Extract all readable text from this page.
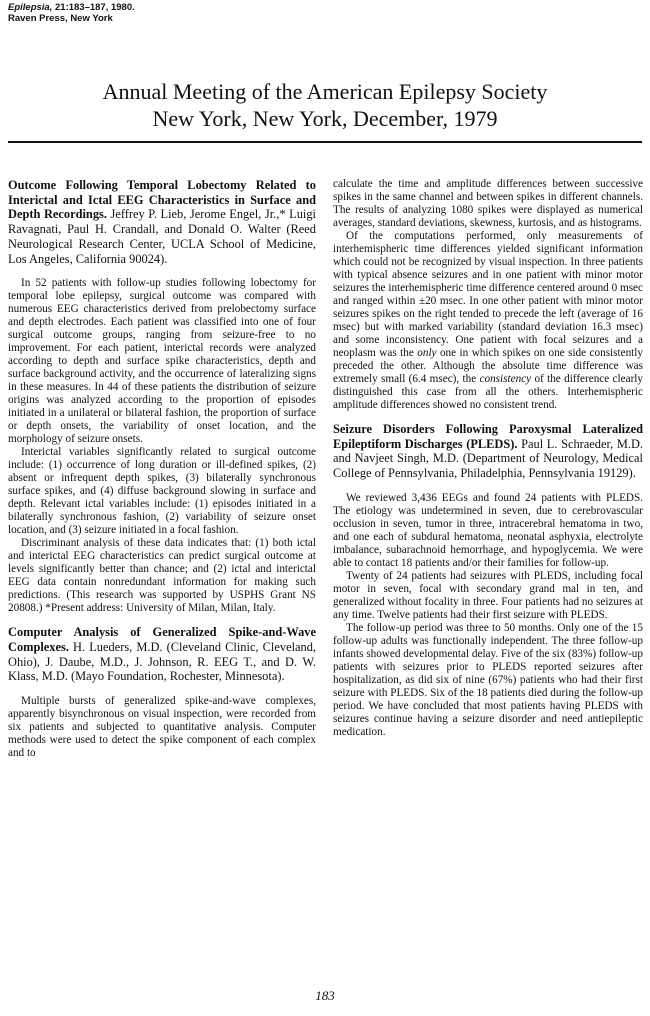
Epilepsia, 21:183–187, 1980.
Raven Press, New York
Annual Meeting of the American Epilepsy Society
New York, New York, December, 1979
Outcome Following Temporal Lobectomy Related to Interictal and Ictal EEG Characteristics in Surface and Depth Recordings. Jeffrey P. Lieb, Jerome Engel, Jr.,* Luigi Ravagnati, Paul H. Crandall, and Donald O. Walter (Reed Neurological Research Center, UCLA School of Medicine, Los Angeles, California 90024).

In 52 patients with follow-up studies following lobectomy for temporal lobe epilepsy, surgical outcome was compared with numerous EEG characteristics derived from prelobectomy surface and depth electrodes. Each patient was classified into one of four surgical outcome groups, ranging from seizure-free to no improvement. For each patient, interictal records were analyzed according to depth and surface spike characteristics, depth and surface background activity, and the occurrence of lateralizing signs in these measures. In 44 of these patients the distribution of seizure origins was analyzed according to the proportion of episodes initiated in a unilateral or bilateral fashion, the proportion of surface or depth onsets, the variability of onset location, and the morphology of seizure onsets.

Interictal variables significantly related to surgical outcome include: (1) occurrence of long duration or ill-defined spikes, (2) absent or infrequent depth spikes, (3) bilaterally synchronous surface spikes, and (4) diffuse background slowing in surface and depth. Relevant ictal variables include: (1) episodes initiated in a bilaterally synchronous fashion, (2) variability of seizure onset location, and (3) seizure initiated in a focal fashion.

Discriminant analysis of these data indicates that: (1) both ictal and interictal EEG characteristics can predict surgical outcome at levels significantly better than chance; and (2) ictal and interictal EEG data contain nonredundant information for making such predictions. (This research was supported by USPHS Grant NS 20808.) *Present address: University of Milan, Milan, Italy.

Computer Analysis of Generalized Spike-and-Wave Complexes. H. Lueders, M.D. (Cleveland Clinic, Cleveland, Ohio), J. Daube, M.D., J. Johnson, R. EEG T., and D. W. Klass, M.D. (Mayo Foundation, Rochester, Minnesota).

Multiple bursts of generalized spike-and-wave complexes, apparently bisynchronous on visual inspection, were recorded from six patients and subjected to quantitative analysis. Computer methods were used to detect the spike component of each complex and to

calculate the time and amplitude differences between successive spikes in the same channel and between spikes in different channels. The results of analyzing 1080 spikes were displayed as numerical averages, standard deviations, skewness, kurtosis, and as histograms.

Of the computations performed, only measurements of interhemispheric time differences yielded significant information which could not be recognized by visual inspection. In three patients with typical absence seizures and in one patient with minor motor seizures the interhemispheric time difference centered around 0 msec and ranged within ±20 msec. In one other patient with minor motor seizures spikes on the right tended to precede the left (average of 16 msec) but with marked variability (standard deviation 16.3 msec) and some inconsistency. One patient with focal seizures and a neoplasm was the only one in which spikes on one side consistently preceded the other. Although the absolute time difference was extremely small (6.4 msec), the consistency of the difference clearly distinguished this case from all the others. Interhemispheric amplitude differences showed no consistent trend.

Seizure Disorders Following Paroxysmal Lateralized Epileptiform Discharges (PLEDS). Paul L. Schraeder, M.D. and Navjeet Singh, M.D. (Department of Neurology, Medical College of Pennsylvania, Philadelphia, Pennsylvania 19129).

We reviewed 3,436 EEGs and found 24 patients with PLEDS. The etiology was undetermined in seven, due to cerebrovascular occlusion in seven, tumor in three, intracerebral hematoma in two, and one each of subdural hematoma, neonatal asphyxia, electrolyte imbalance, subarachnoid hemorrhage, and hypoglycemia. We were able to contact 18 patients and/or their families for follow-up.

Twenty of 24 patients had seizures with PLEDS, including focal motor in seven, focal with secondary grand mal in ten, and generalized without focality in three. Four patients had no seizures at any time. Twelve patients had their first seizure with PLEDS.

The follow-up period was three to 50 months. Only one of the 15 follow-up adults was functionally independent. The three follow-up infants showed developmental delay. Five of the six (83%) follow-up patients with seizures prior to PLEDS reported seizures after hospitalization, as did six of nine (67%) patients who had their first seizure with PLEDS. Six of the 18 patients died during the follow-up period. We have concluded that most patients having PLEDS with seizures continue having a seizure disorder and need antiepileptic medication.

183
